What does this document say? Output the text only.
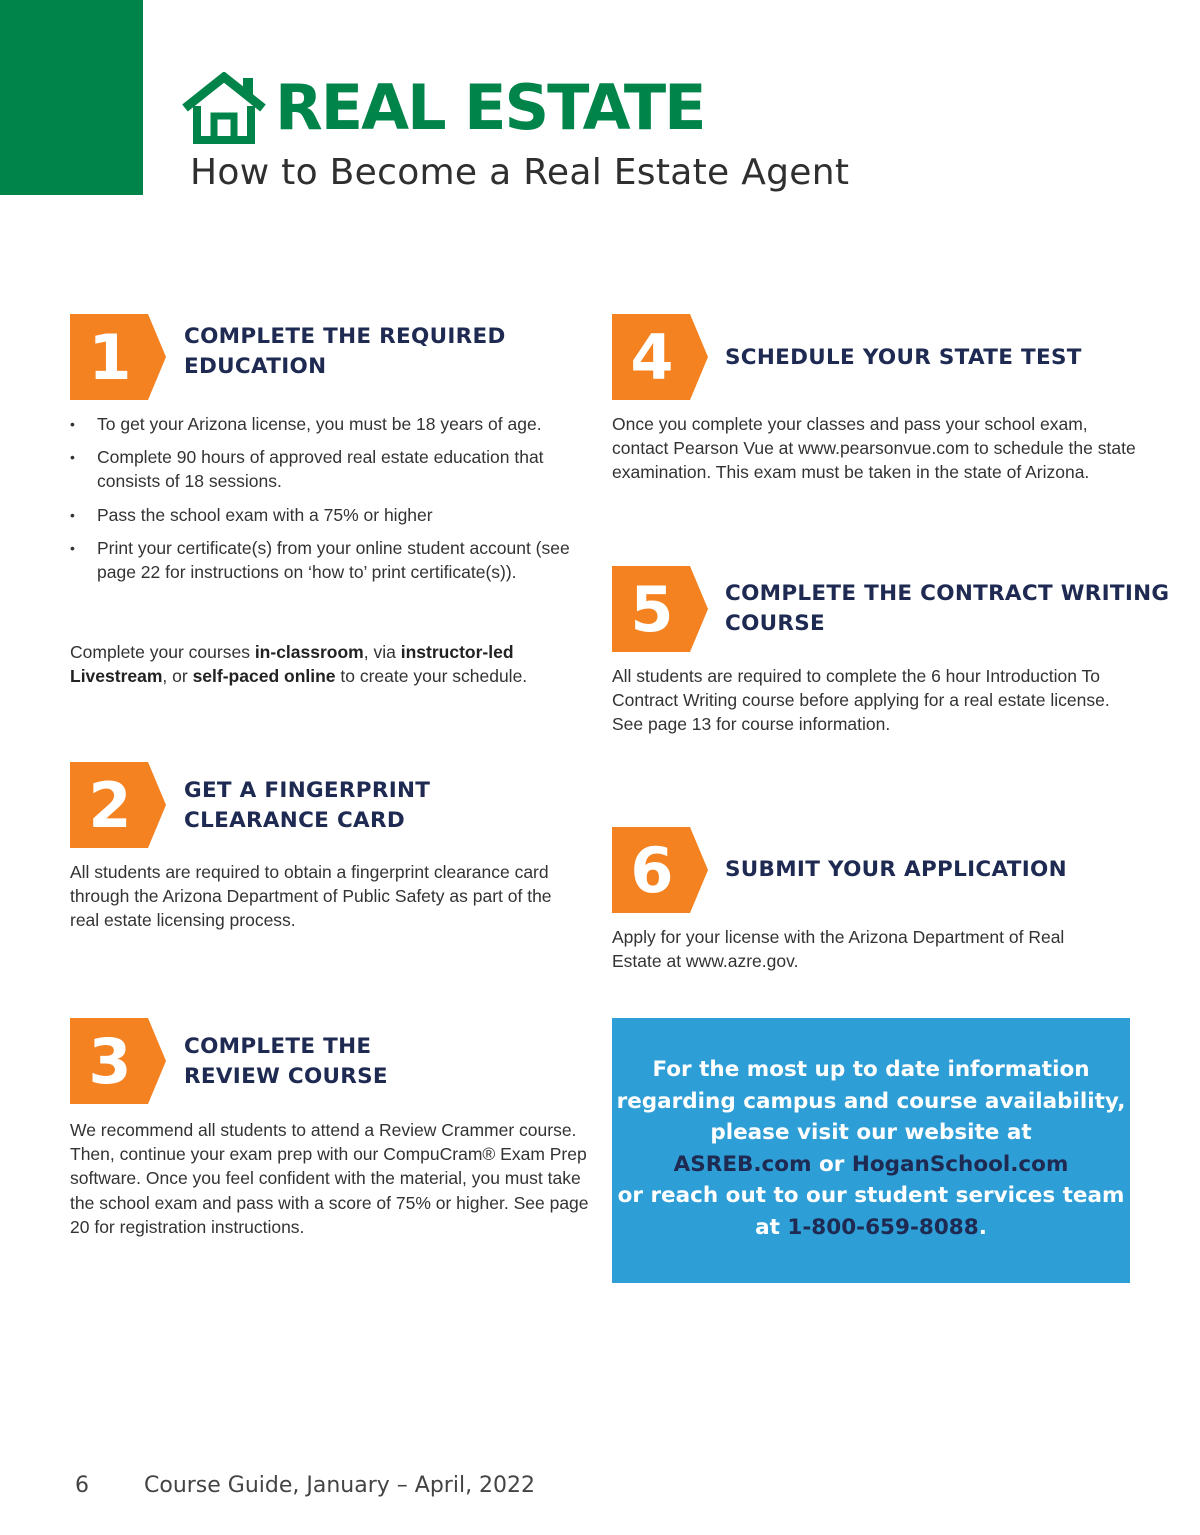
REAL ESTATE
How to Become a Real Estate Agent
1	COMPLETE THE REQUIRED
EDUCATION
• To get your Arizona license, you must be 18 years of age.
• Complete 90 hours of approved real estate education that consists of 18 sessions.
• Pass the school exam with a 75% or higher
• Print your certificate(s) from your online student account (see page 22 for instructions on ‘how to’ print certificate(s)).
Complete your courses in-classroom, via instructor-led Livestream, or self-paced online to create your schedule.
2	GET A FINGERPRINT
CLEARANCE CARD
All students are required to obtain a fingerprint clearance card through the Arizona Department of Public Safety as part of the real estate licensing process.
3	COMPLETE THE
REVIEW COURSE
We recommend all students to attend a Review Crammer course. Then, continue your exam prep with our CompuCram® Exam Prep software. Once you feel confident with the material, you must take the school exam and pass with a score of 75% or higher. See page 20 for registration instructions.
4	SCHEDULE YOUR STATE TEST
Once you complete your classes and pass your school exam, contact Pearson Vue at www.pearsonvue.com to schedule the state examination. This exam must be taken in the state of Arizona.
5	COMPLETE THE CONTRACT WRITING
COURSE
All students are required to complete the 6 hour Introduction To Contract Writing course before applying for a real estate license. See page 13 for course information.
6	SUBMIT YOUR APPLICATION
Apply for your license with the Arizona Department of Real Estate at www.azre.gov.
For the most up to date information
regarding campus and course availability,
please visit our website at
ASREB.com or HoganSchool.com
or reach out to our student services team
at 1-800-659-8088.
6	Course Guide, January – April, 2022
